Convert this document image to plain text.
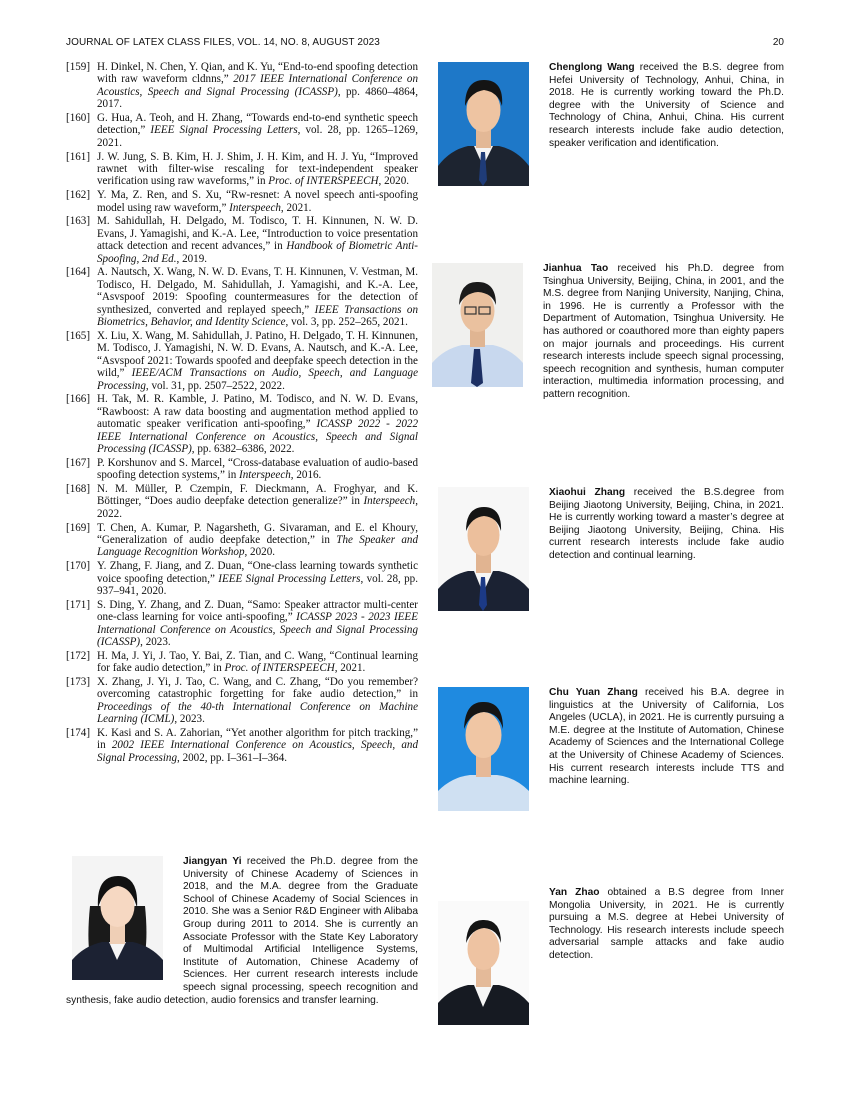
JOURNAL OF LATEX CLASS FILES, VOL. 14, NO. 8, AUGUST 2023	20
[159] H. Dinkel, N. Chen, Y. Qian, and K. Yu, “End-to-end spoofing detection with raw waveform cldnns,” 2017 IEEE International Conference on Acoustics, Speech and Signal Processing (ICASSP), pp. 4860–4864, 2017.
[160] G. Hua, A. Teoh, and H. Zhang, “Towards end-to-end synthetic speech detection,” IEEE Signal Processing Letters, vol. 28, pp. 1265–1269, 2021.
[161] J. W. Jung, S. B. Kim, H. J. Shim, J. H. Kim, and H. J. Yu, “Improved rawnet with filter-wise rescaling for text-independent speaker verification using raw waveforms,” in Proc. of INTERSPEECH, 2020.
[162] Y. Ma, Z. Ren, and S. Xu, “Rw-resnet: A novel speech anti-spoofing model using raw waveform,” Interspeech, 2021.
[163] M. Sahidullah, H. Delgado, M. Todisco, T. H. Kinnunen, N. W. D. Evans, J. Yamagishi, and K.-A. Lee, “Introduction to voice presentation attack detection and recent advances,” in Handbook of Biometric Anti-Spoofing, 2nd Ed., 2019.
[164] A. Nautsch, X. Wang, N. W. D. Evans, T. H. Kinnunen, V. Vestman, M. Todisco, H. Delgado, M. Sahidullah, J. Yamagishi, and K.-A. Lee, “Asvspoof 2019: Spoofing countermeasures for the detection of synthesized, converted and replayed speech,” IEEE Transactions on Biometrics, Behavior, and Identity Science, vol. 3, pp. 252–265, 2021.
[165] X. Liu, X. Wang, M. Sahidullah, J. Patino, H. Delgado, T. H. Kinnunen, M. Todisco, J. Yamagishi, N. W. D. Evans, A. Nautsch, and K.-A. Lee, “Asvspoof 2021: Towards spoofed and deepfake speech detection in the wild,” IEEE/ACM Transactions on Audio, Speech, and Language Processing, vol. 31, pp. 2507–2522, 2022.
[166] H. Tak, M. R. Kamble, J. Patino, M. Todisco, and N. W. D. Evans, “Rawboost: A raw data boosting and augmentation method applied to automatic speaker verification anti-spoofing,” ICASSP 2022 - 2022 IEEE International Conference on Acoustics, Speech and Signal Processing (ICASSP), pp. 6382–6386, 2022.
[167] P. Korshunov and S. Marcel, “Cross-database evaluation of audio-based spoofing detection systems,” in Interspeech, 2016.
[168] N. M. Müller, P. Czempin, F. Dieckmann, A. Froghyar, and K. Böttinger, “Does audio deepfake detection generalize?” in Interspeech, 2022.
[169] T. Chen, A. Kumar, P. Nagarsheth, G. Sivaraman, and E. el Khoury, “Generalization of audio deepfake detection,” in The Speaker and Language Recognition Workshop, 2020.
[170] Y. Zhang, F. Jiang, and Z. Duan, “One-class learning towards synthetic voice spoofing detection,” IEEE Signal Processing Letters, vol. 28, pp. 937–941, 2020.
[171] S. Ding, Y. Zhang, and Z. Duan, “Samo: Speaker attractor multi-center one-class learning for voice anti-spoofing,” ICASSP 2023 - 2023 IEEE International Conference on Acoustics, Speech and Signal Processing (ICASSP), 2023.
[172] H. Ma, J. Yi, J. Tao, Y. Bai, Z. Tian, and C. Wang, “Continual learning for fake audio detection,” in Proc. of INTERSPEECH, 2021.
[173] X. Zhang, J. Yi, J. Tao, C. Wang, and C. Zhang, “Do you remember? overcoming catastrophic forgetting for fake audio detection,” in Proceedings of the 40-th International Conference on Machine Learning (ICML), 2023.
[174] K. Kasi and S. A. Zahorian, “Yet another algorithm for pitch tracking,” in 2002 IEEE International Conference on Acoustics, Speech, and Signal Processing, 2002, pp. I–361–I–364.
Chenglong Wang received the B.S. degree from Hefei University of Technology, Anhui, China, in 2018. He is currently working toward the Ph.D. degree with the University of Science and Technology of China, Anhui, China. His current research interests include fake audio detection, speaker verification and identification.
Jianhua Tao received his Ph.D. degree from Tsinghua University, Beijing, China, in 2001, and the M.S. degree from Nanjing University, Nanjing, China, in 1996. He is currently a Professor with the Department of Automation, Tsinghua University. He has authored or coauthored more than eighty papers on major journals and proceedings. His current research interests include speech signal processing, speech recognition and synthesis, human computer interaction, multimedia information processing, and pattern recognition.
Xiaohui Zhang received the B.S.degree from Beijing Jiaotong University, Beijing, China, in 2021. He is currently working toward a master’s degree at Beijing Jiaotong University, Beijing, China. His current research interests include fake audio detection and continual learning.
Chu Yuan Zhang received his B.A. degree in linguistics at the University of California, Los Angeles (UCLA), in 2021. He is currently pursuing a M.E. degree at the Institute of Automation, Chinese Academy of Sciences and the International College at the University of Chinese Academy of Sciences. His current research interests include TTS and machine learning.
Jiangyan Yi received the Ph.D. degree from the University of Chinese Academy of Sciences in 2018, and the M.A. degree from the Graduate School of Chinese Academy of Social Sciences in 2010. She was a Senior R&D Engineer with Alibaba Group during 2011 to 2014. She is currently an Associate Professor with the State Key Laboratory of Multimodal Artificial Intelligence Systems, Institute of Automation, Chinese Academy of Sciences. Her current research interests include speech signal processing, speech recognition and synthesis, fake audio detection, audio forensics and transfer learning.
Yan Zhao obtained a B.S degree from Inner Mongolia University, in 2021. He is currently pursuing a M.S. degree at Hebei University of Technology. His research interests include speech adversarial sample attacks and fake audio detection.
